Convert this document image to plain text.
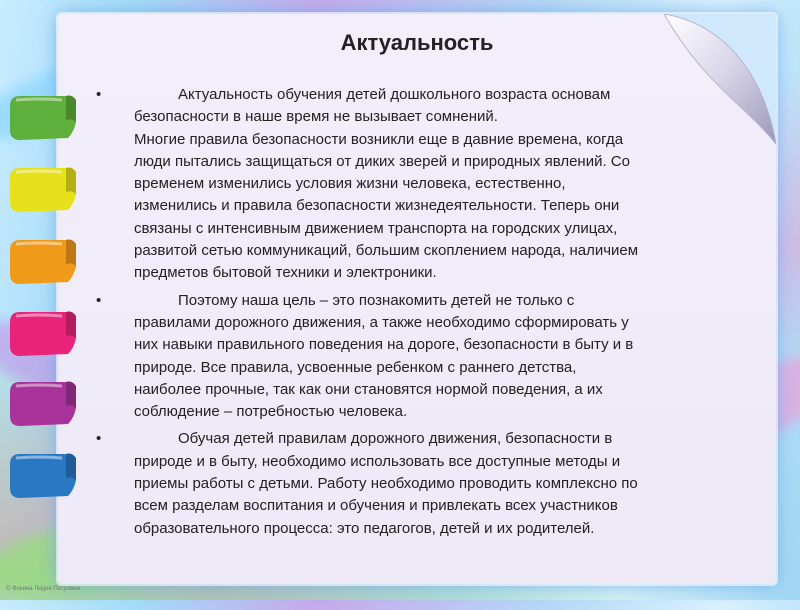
Актуальность
•	Актуальность обучения детей дошкольного возраста основам
безопасности в наше время не вызывает сомнений.
Многие правила безопасности возникли еще в давние времена, когда
люди пытались защищаться от диких зверей и природных явлений. Со
временем изменились условия жизни человека, естественно,
изменились и правила безопасности жизнедеятельности. Теперь они
связаны с интенсивным движением транспорта на городских улицах,
развитой сетью коммуникаций, большим скоплением народа, наличием
предметов бытовой техники и электроники.
•	Поэтому наша цель – это познакомить детей не только с
правилами дорожного движения, а также необходимо сформировать у
них навыки правильного поведения на дороге, безопасности в быту и в
природе. Все правила, усвоенные ребенком с раннего детства,
наиболее прочные, так как они становятся нормой поведения, а их
соблюдение – потребностью человека.
•	Обучая детей правилам дорожного движения, безопасности в
природе и в быту, необходимо использовать все доступные методы и
приемы работы с детьми. Работу необходимо проводить комплексно по
всем разделам воспитания и обучения и привлекать всех участников
образовательного процесса: это педагогов, детей и их родителей.
© Фокина Лидия Петровна
